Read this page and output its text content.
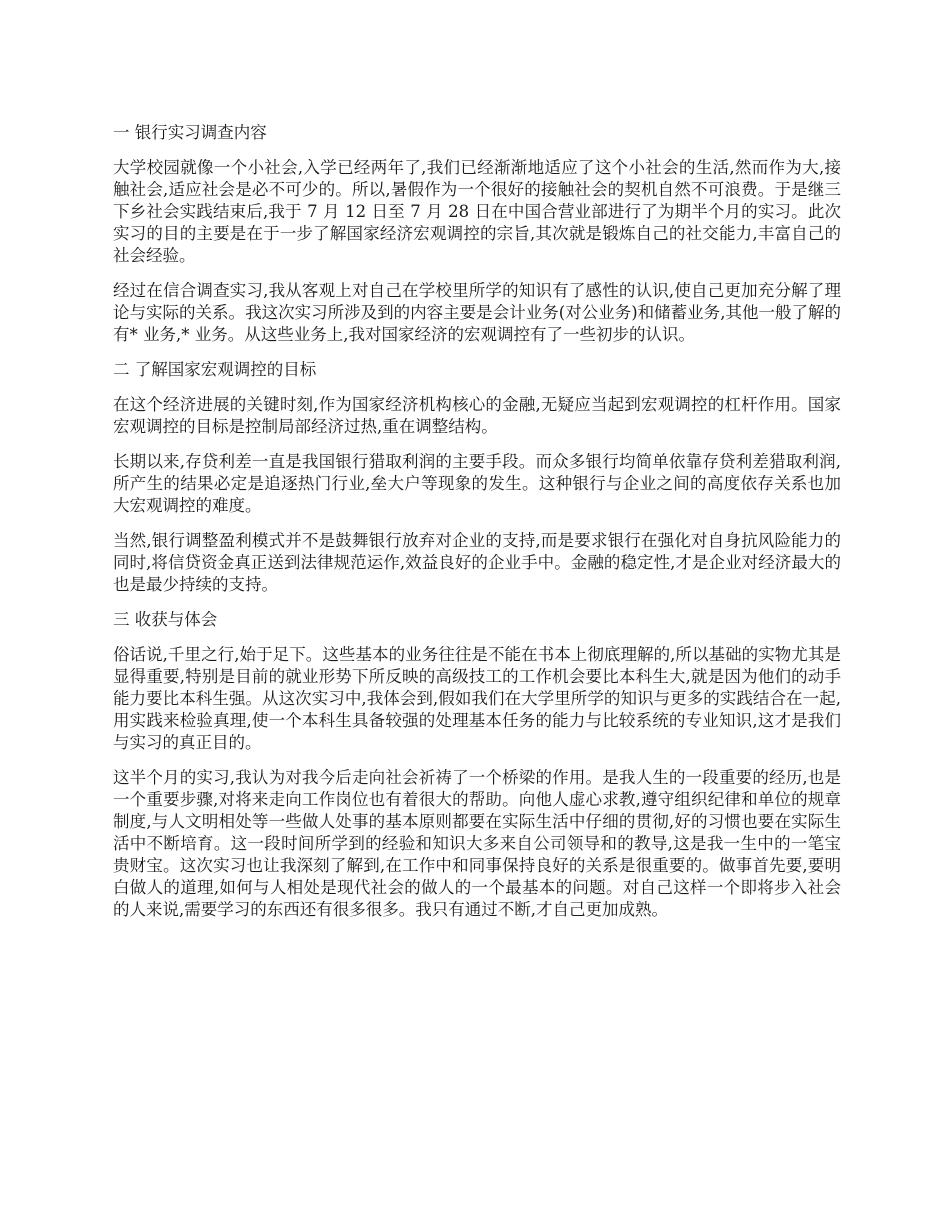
一 银行实习调查内容

大学校园就像一个小社会,入学已经两年了,我们已经渐渐地适应了这个小社会的生活,然而作为大,接触社会,适应社会是必不可少的。所以,暑假作为一个很好的接触社会的契机自然不可浪费。于是继三下乡社会实践结束后,我于 7 月 12 日至 7 月 28 日在中国合营业部进行了为期半个月的实习。此次实习的目的主要是在于一步了解国家经济宏观调控的宗旨,其次就是锻炼自己的社交能力,丰富自己的社会经验。

经过在信合调查实习,我从客观上对自己在学校里所学的知识有了感性的认识,使自己更加充分解了理论与实际的关系。我这次实习所涉及到的内容主要是会计业务(对公业务)和储蓄业务,其他一般了解的有* 业务,* 业务。从这些业务上,我对国家经济的宏观调控有了一些初步的认识。

二 了解国家宏观调控的目标

在这个经济进展的关键时刻,作为国家经济机构核心的金融,无疑应当起到宏观调控的杠杆作用。国家宏观调控的目标是控制局部经济过热,重在调整结构。

长期以来,存贷利差一直是我国银行猎取利润的主要手段。而众多银行均简单依靠存贷利差猎取利润,所产生的结果必定是追逐热门行业,垒大户等现象的发生。这种银行与企业之间的高度依存关系也加大宏观调控的难度。

当然,银行调整盈利模式并不是鼓舞银行放弃对企业的支持,而是要求银行在强化对自身抗风险能力的同时,将信贷资金真正送到法律规范运作,效益良好的企业手中。金融的稳定性,才是企业对经济最大的也是最少持续的支持。

三 收获与体会

俗话说,千里之行,始于足下。这些基本的业务往往是不能在书本上彻底理解的,所以基础的实物尤其是显得重要,特别是目前的就业形势下所反映的高级技工的工作机会要比本科生大,就是因为他们的动手能力要比本科生强。从这次实习中,我体会到,假如我们在大学里所学的知识与更多的实践结合在一起,用实践来检验真理,使一个本科生具备较强的处理基本任务的能力与比较系统的专业知识,这才是我们与实习的真正目的。

这半个月的实习,我认为对我今后走向社会祈祷了一个桥梁的作用。是我人生的一段重要的经历,也是一个重要步骤,对将来走向工作岗位也有着很大的帮助。向他人虚心求教,遵守组织纪律和单位的规章制度,与人文明相处等一些做人处事的基本原则都要在实际生活中仔细的贯彻,好的习惯也要在实际生活中不断培育。这一段时间所学到的经验和知识大多来自公司领导和的教导,这是我一生中的一笔宝贵财宝。这次实习也让我深刻了解到,在工作中和同事保持良好的关系是很重要的。做事首先要,要明白做人的道理,如何与人相处是现代社会的做人的一个最基本的问题。对自己这样一个即将步入社会的人来说,需要学习的东西还有很多很多。我只有通过不断,才自己更加成熟。
